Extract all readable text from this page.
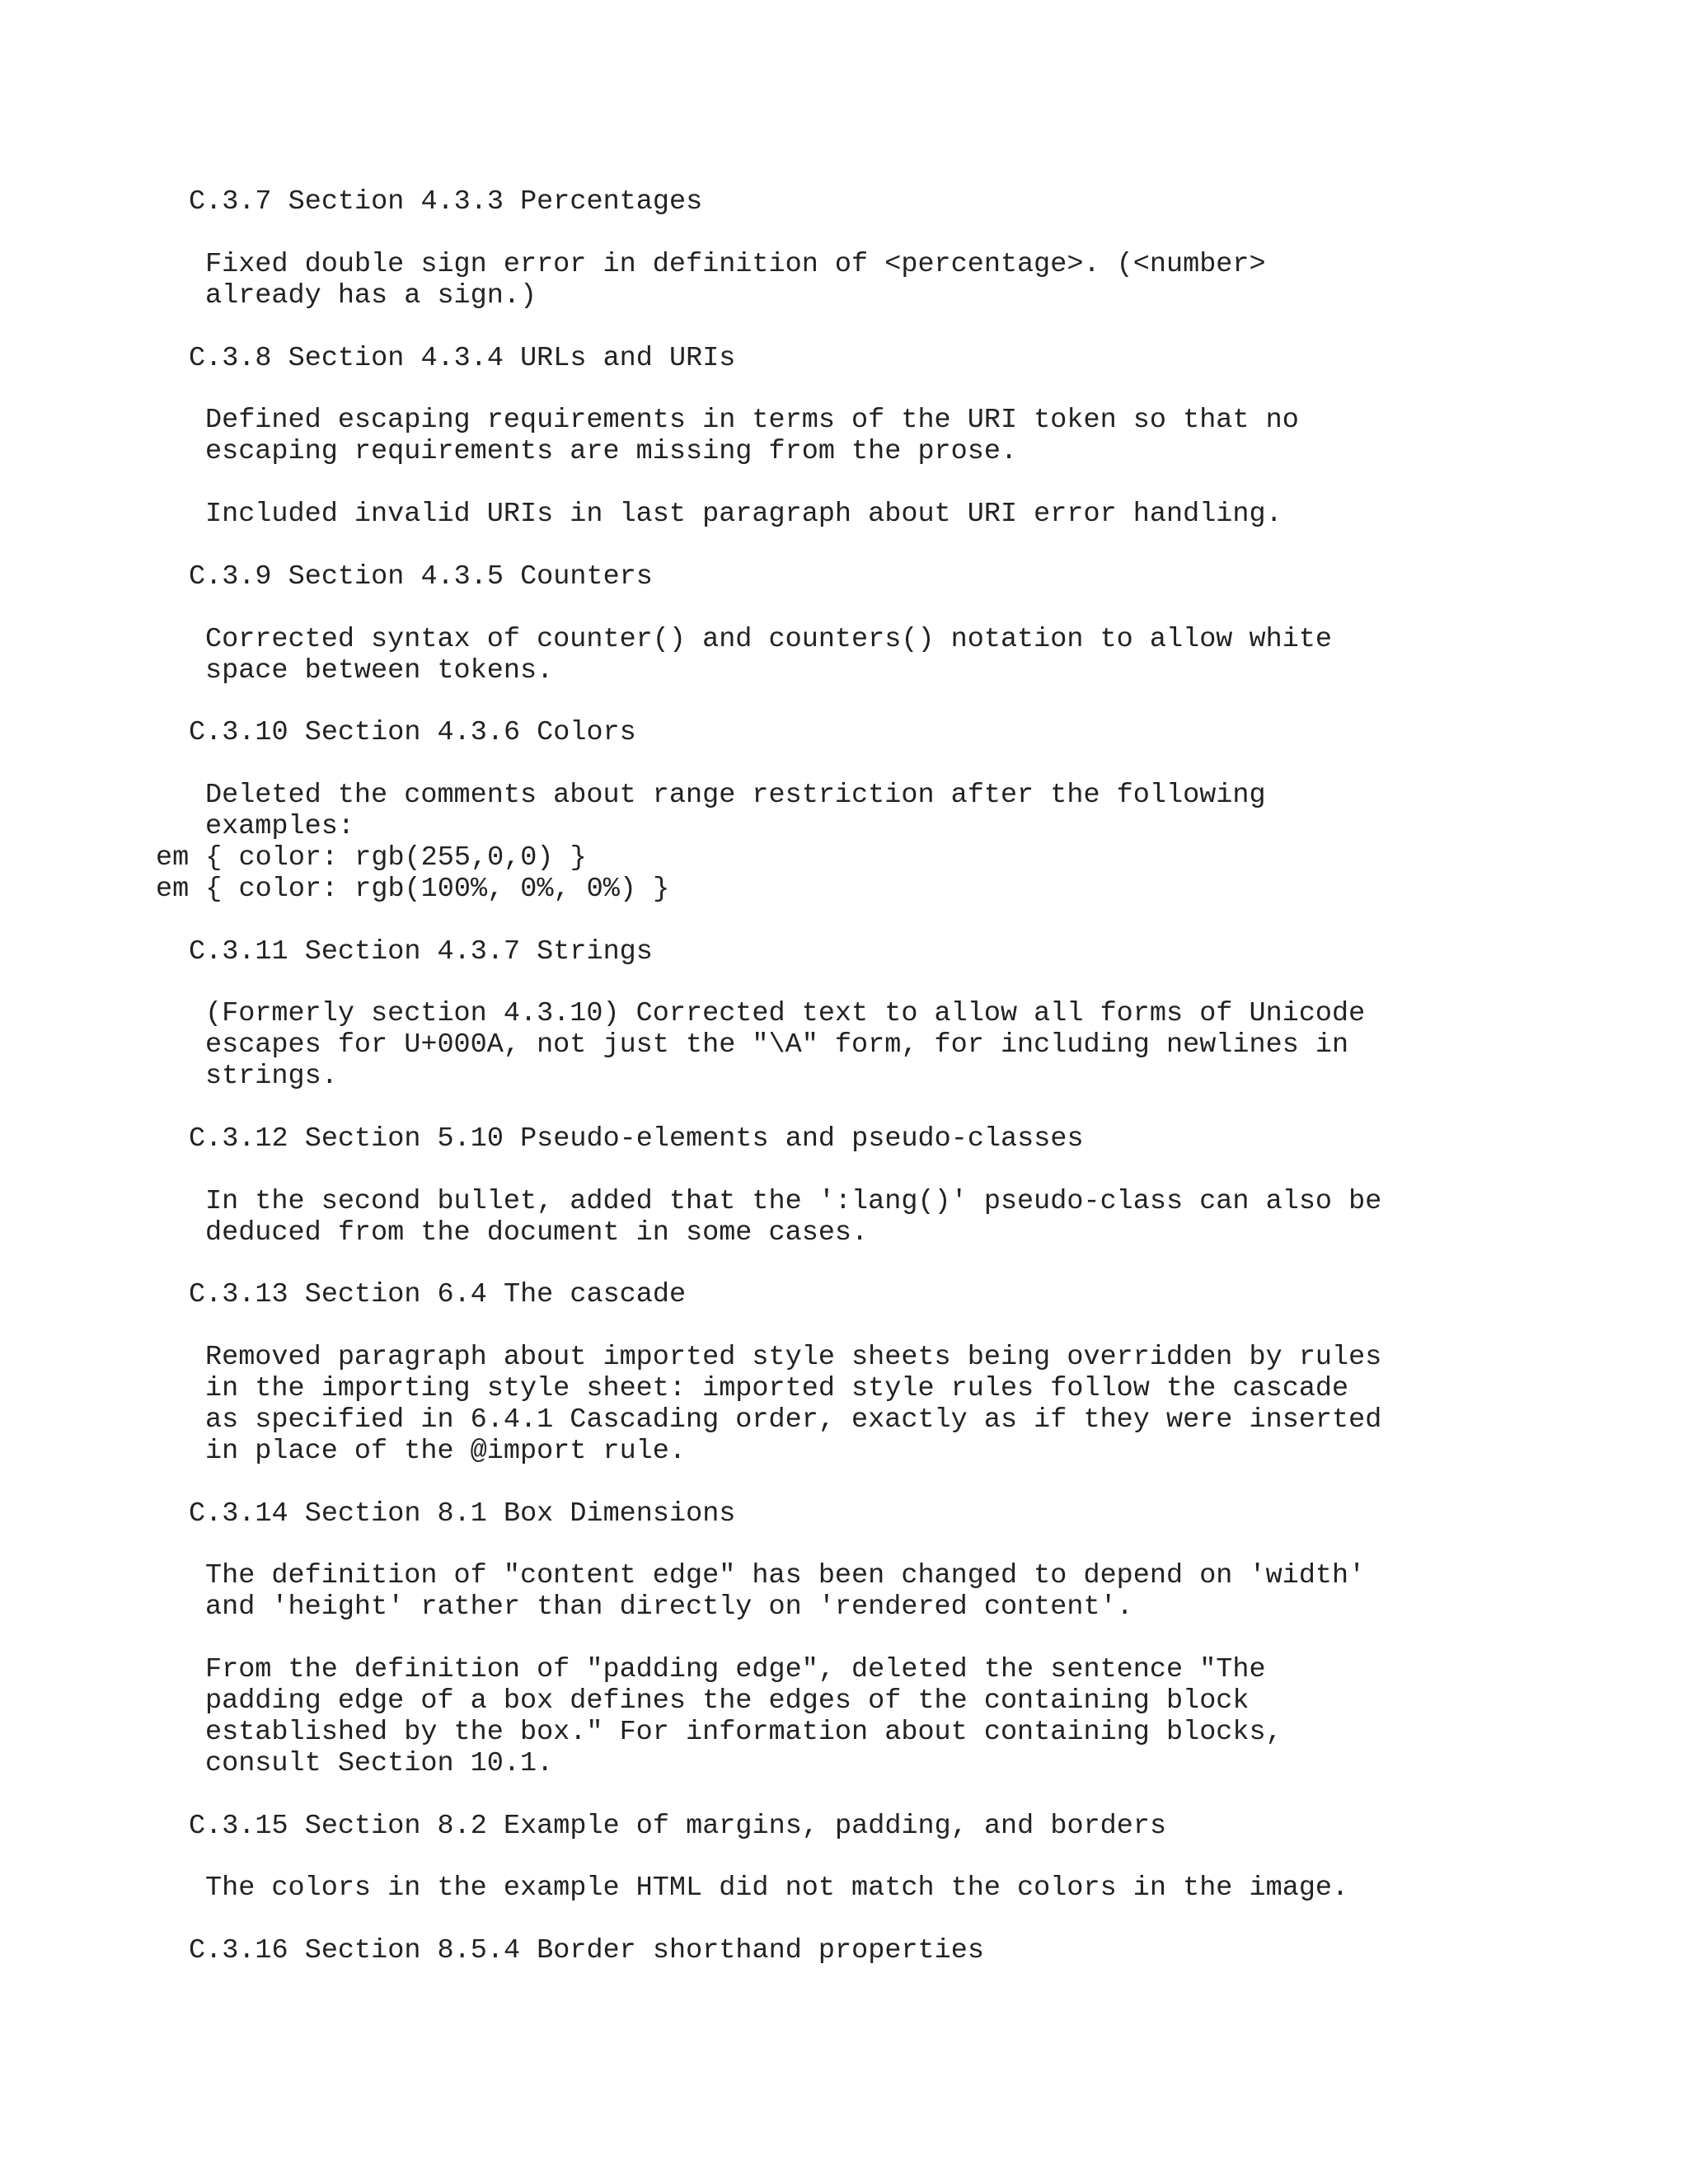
C.3.7 Section 4.3.3 Percentages
Fixed double sign error in definition of <percentage>. (<number>
already has a sign.)
C.3.8 Section 4.3.4 URLs and URIs
Defined escaping requirements in terms of the URI token so that no
escaping requirements are missing from the prose.
Included invalid URIs in last paragraph about URI error handling.
C.3.9 Section 4.3.5 Counters
Corrected syntax of counter() and counters() notation to allow white
space between tokens.
C.3.10 Section 4.3.6 Colors
Deleted the comments about range restriction after the following
examples:
em { color: rgb(255,0,0) }
em { color: rgb(100%, 0%, 0%) }
C.3.11 Section 4.3.7 Strings
(Formerly section 4.3.10) Corrected text to allow all forms of Unicode
escapes for U+000A, not just the "\A" form, for including newlines in
strings.
C.3.12 Section 5.10 Pseudo-elements and pseudo-classes
In the second bullet, added that the ':lang()' pseudo-class can also be
deduced from the document in some cases.
C.3.13 Section 6.4 The cascade
Removed paragraph about imported style sheets being overridden by rules
in the importing style sheet: imported style rules follow the cascade
as specified in 6.4.1 Cascading order, exactly as if they were inserted
in place of the @import rule.
C.3.14 Section 8.1 Box Dimensions
The definition of "content edge" has been changed to depend on 'width'
and 'height' rather than directly on 'rendered content'.
From the definition of "padding edge", deleted the sentence "The
padding edge of a box defines the edges of the containing block
established by the box." For information about containing blocks,
consult Section 10.1.
C.3.15 Section 8.2 Example of margins, padding, and borders
The colors in the example HTML did not match the colors in the image.
C.3.16 Section 8.5.4 Border shorthand properties
